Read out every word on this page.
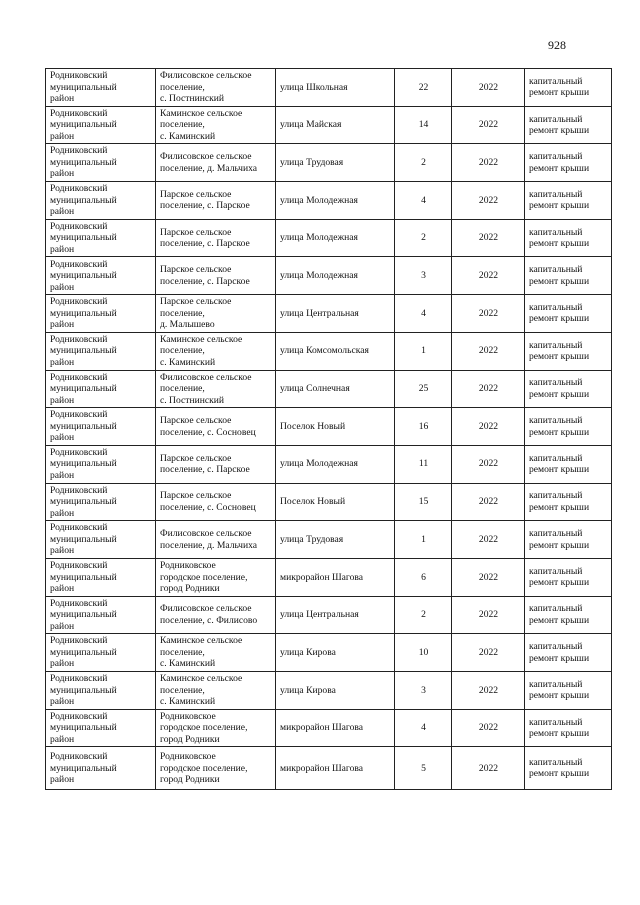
928
Родниковский
муниципальный
район	Филисовское сельское
поселение,
с. Постнинский	улица Школьная	22	2022	капитальный
ремонт крыши
Родниковский
муниципальный
район	Каминское сельское
поселение,
с. Каминский	улица Майская	14	2022	капитальный
ремонт крыши
Родниковский
муниципальный
район	Филисовское сельское
поселение, д. Мальчиха	улица Трудовая	2	2022	капитальный
ремонт крыши
Родниковский
муниципальный
район	Парское сельское
поселение, с. Парское	улица Молодежная	4	2022	капитальный
ремонт крыши
Родниковский
муниципальный
район	Парское сельское
поселение, с. Парское	улица Молодежная	2	2022	капитальный
ремонт крыши
Родниковский
муниципальный
район	Парское сельское
поселение, с. Парское	улица Молодежная	3	2022	капитальный
ремонт крыши
Родниковский
муниципальный
район	Парское сельское
поселение,
д. Малышево	улица Центральная	4	2022	капитальный
ремонт крыши
Родниковский
муниципальный
район	Каминское сельское
поселение,
с. Каминский	улица Комсомольская	1	2022	капитальный
ремонт крыши
Родниковский
муниципальный
район	Филисовское сельское
поселение,
с. Постнинский	улица Солнечная	25	2022	капитальный
ремонт крыши
Родниковский
муниципальный
район	Парское сельское
поселение, с. Сосновец	Поселок Новый	16	2022	капитальный
ремонт крыши
Родниковский
муниципальный
район	Парское сельское
поселение, с. Парское	улица Молодежная	11	2022	капитальный
ремонт крыши
Родниковский
муниципальный
район	Парское сельское
поселение, с. Сосновец	Поселок Новый	15	2022	капитальный
ремонт крыши
Родниковский
муниципальный
район	Филисовское сельское
поселение, д. Мальчиха	улица Трудовая	1	2022	капитальный
ремонт крыши
Родниковский
муниципальный
район	Родниковское
городское поселение,
город Родники	микрорайон Шагова	6	2022	капитальный
ремонт крыши
Родниковский
муниципальный
район	Филисовское сельское
поселение, с. Филисово	улица Центральная	2	2022	капитальный
ремонт крыши
Родниковский
муниципальный
район	Каминское сельское
поселение,
с. Каминский	улица Кирова	10	2022	капитальный
ремонт крыши
Родниковский
муниципальный
район	Каминское сельское
поселение,
с. Каминский	улица Кирова	3	2022	капитальный
ремонт крыши
Родниковский
муниципальный
район	Родниковское
городское поселение,
город Родники	микрорайон Шагова	4	2022	капитальный
ремонт крыши
Родниковский
муниципальный
район	Родниковское
городское поселение,
город Родники	микрорайон Шагова	5	2022	капитальный
ремонт крыши
